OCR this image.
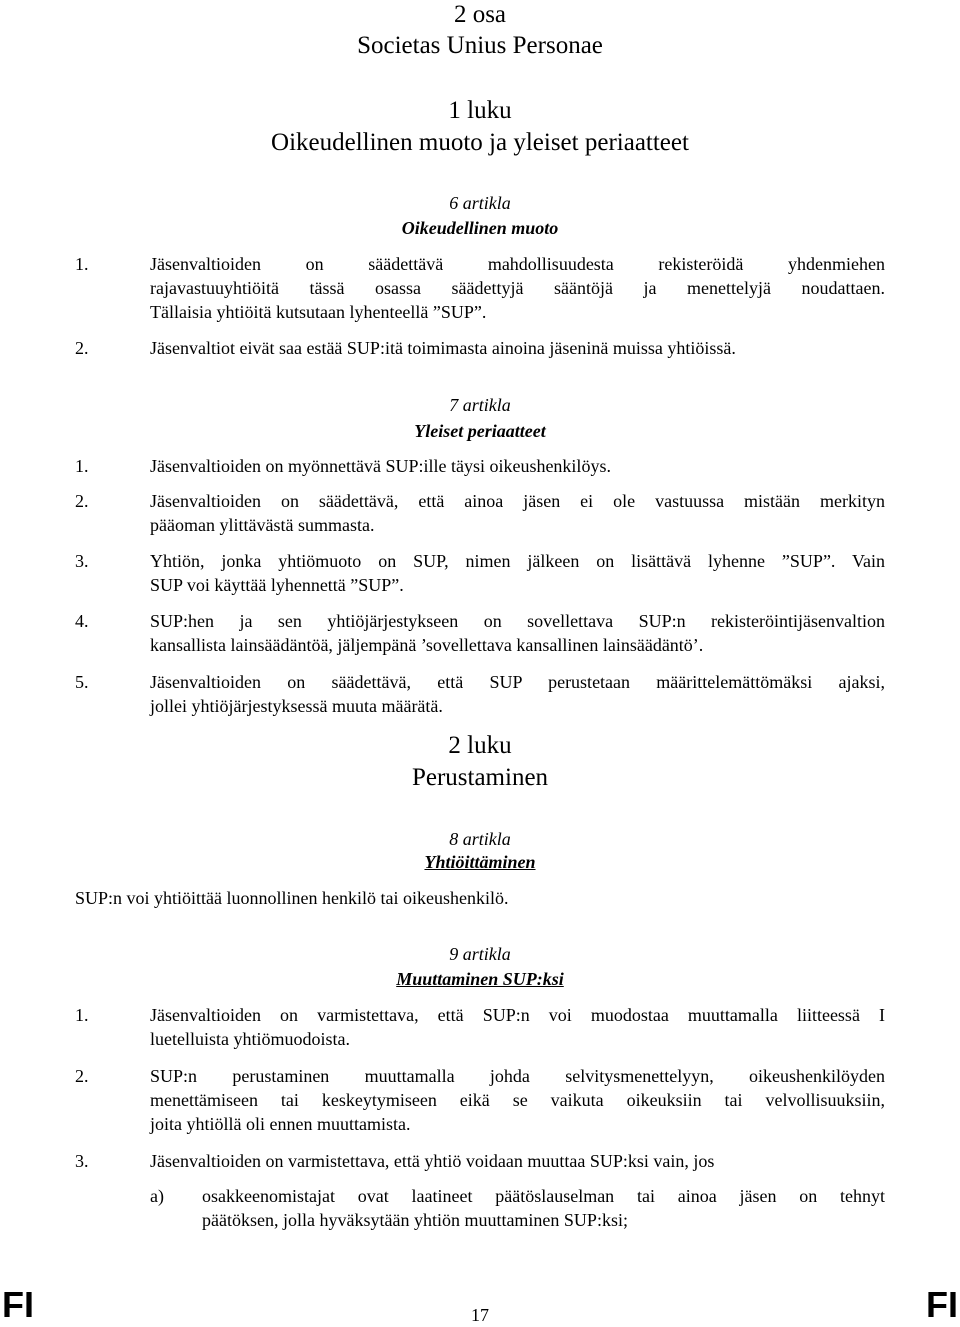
2 osa
Societas Unius Personae
1 luku
Oikeudellinen muoto ja yleiset periaatteet
6 artikla
Oikeudellinen muoto
1.	Jäsenvaltioiden on säädettävä mahdollisuudesta rekisteröidä yhdenmiehen
rajavastuuyhtiöitä tässä osassa säädettyjä sääntöjä ja menettelyjä noudattaen.
Tällaisia yhtiöitä kutsutaan lyhenteellä ”SUP”.
2.	Jäsenvaltiot eivät saa estää SUP:itä toimimasta ainoina jäseninä muissa yhtiöissä.
7 artikla
Yleiset periaatteet
1.	Jäsenvaltioiden on myönnettävä SUP:ille täysi oikeushenkilöys.
2.	Jäsenvaltioiden on säädettävä, että ainoa jäsen ei ole vastuussa mistään merkityn
pääoman ylittävästä summasta.
3.	Yhtiön, jonka yhtiömuoto on SUP, nimen jälkeen on lisättävä lyhenne ”SUP”. Vain
SUP voi käyttää lyhennettä ”SUP”.
4.	SUP:hen ja sen yhtiöjärjestykseen on sovellettava SUP:n rekisteröintijäsenvaltion
kansallista lainsäädäntöä, jäljempänä ’sovellettava kansallinen lainsäädäntö’.
5.	Jäsenvaltioiden on säädettävä, että SUP perustetaan määrittelemättömäksi ajaksi,
jollei yhtiöjärjestyksessä muuta määrätä.
2 luku
Perustaminen
8 artikla
Yhtiöittäminen
SUP:n voi yhtiöittää luonnollinen henkilö tai oikeushenkilö.
9 artikla
Muuttaminen SUP:ksi
1.	Jäsenvaltioiden on varmistettava, että SUP:n voi muodostaa muuttamalla liitteessä I
luetelluista yhtiömuodoista.
2.	SUP:n perustaminen muuttamalla johda selvitysmenettelyyn, oikeushenkilöyden
menettämiseen tai keskeytymiseen eikä se vaikuta oikeuksiin tai velvollisuuksiin,
joita yhtiöllä oli ennen muuttamista.
3.	Jäsenvaltioiden on varmistettava, että yhtiö voidaan muuttaa SUP:ksi vain, jos
a) osakkeenomistajat ovat laatineet päätöslauselman tai ainoa jäsen on tehnyt
päätöksen, jolla hyväksytään yhtiön muuttaminen SUP:ksi;
FI	17	FI
